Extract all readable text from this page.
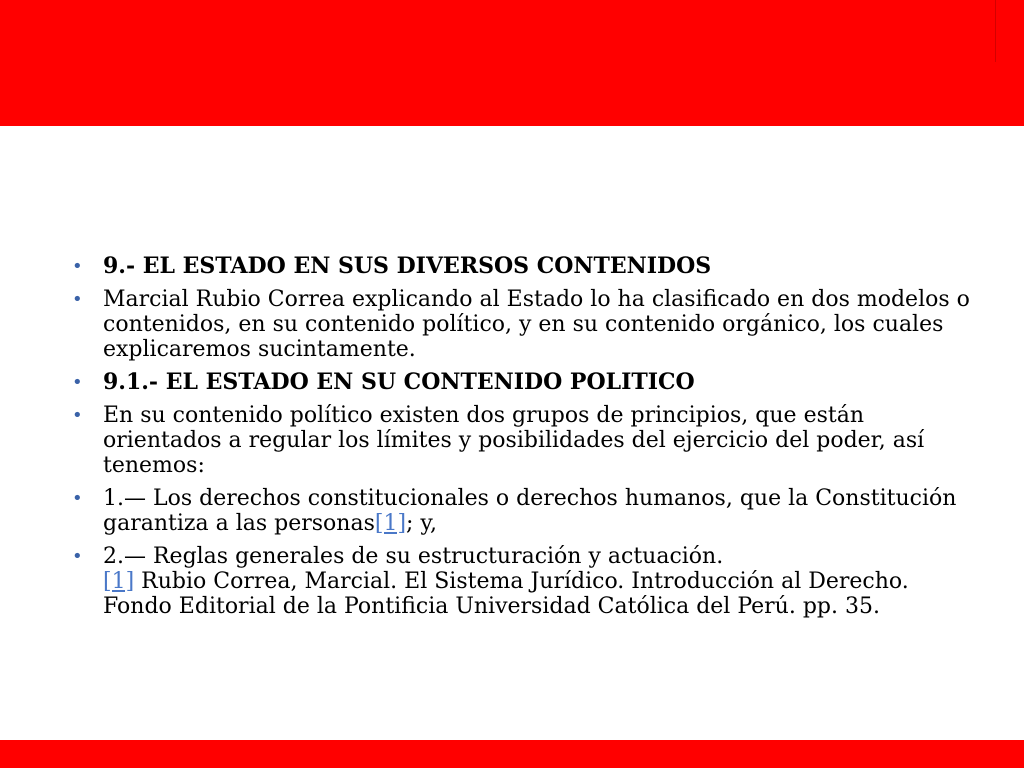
• 9.- EL ESTADO EN SUS DIVERSOS CONTENIDOS
• Marcial Rubio Correa explicando al Estado lo ha clasificado en dos modelos o contenidos, en su contenido político, y en su contenido orgánico, los cuales explicaremos sucintamente.
• 9.1.- EL ESTADO EN SU CONTENIDO POLITICO
• En su contenido político existen dos grupos de principios, que están orientados a regular los límites y posibilidades del ejercicio del poder, así tenemos:
• 1.— Los derechos constitucionales o derechos humanos, que la Constitución garantiza a las personas[1]; y,
• 2.— Reglas generales de su estructuración y actuación.
[1] Rubio Correa, Marcial. El Sistema Jurídico. Introducción al Derecho. Fondo Editorial de la Pontificia Universidad Católica del Perú. pp. 35.
